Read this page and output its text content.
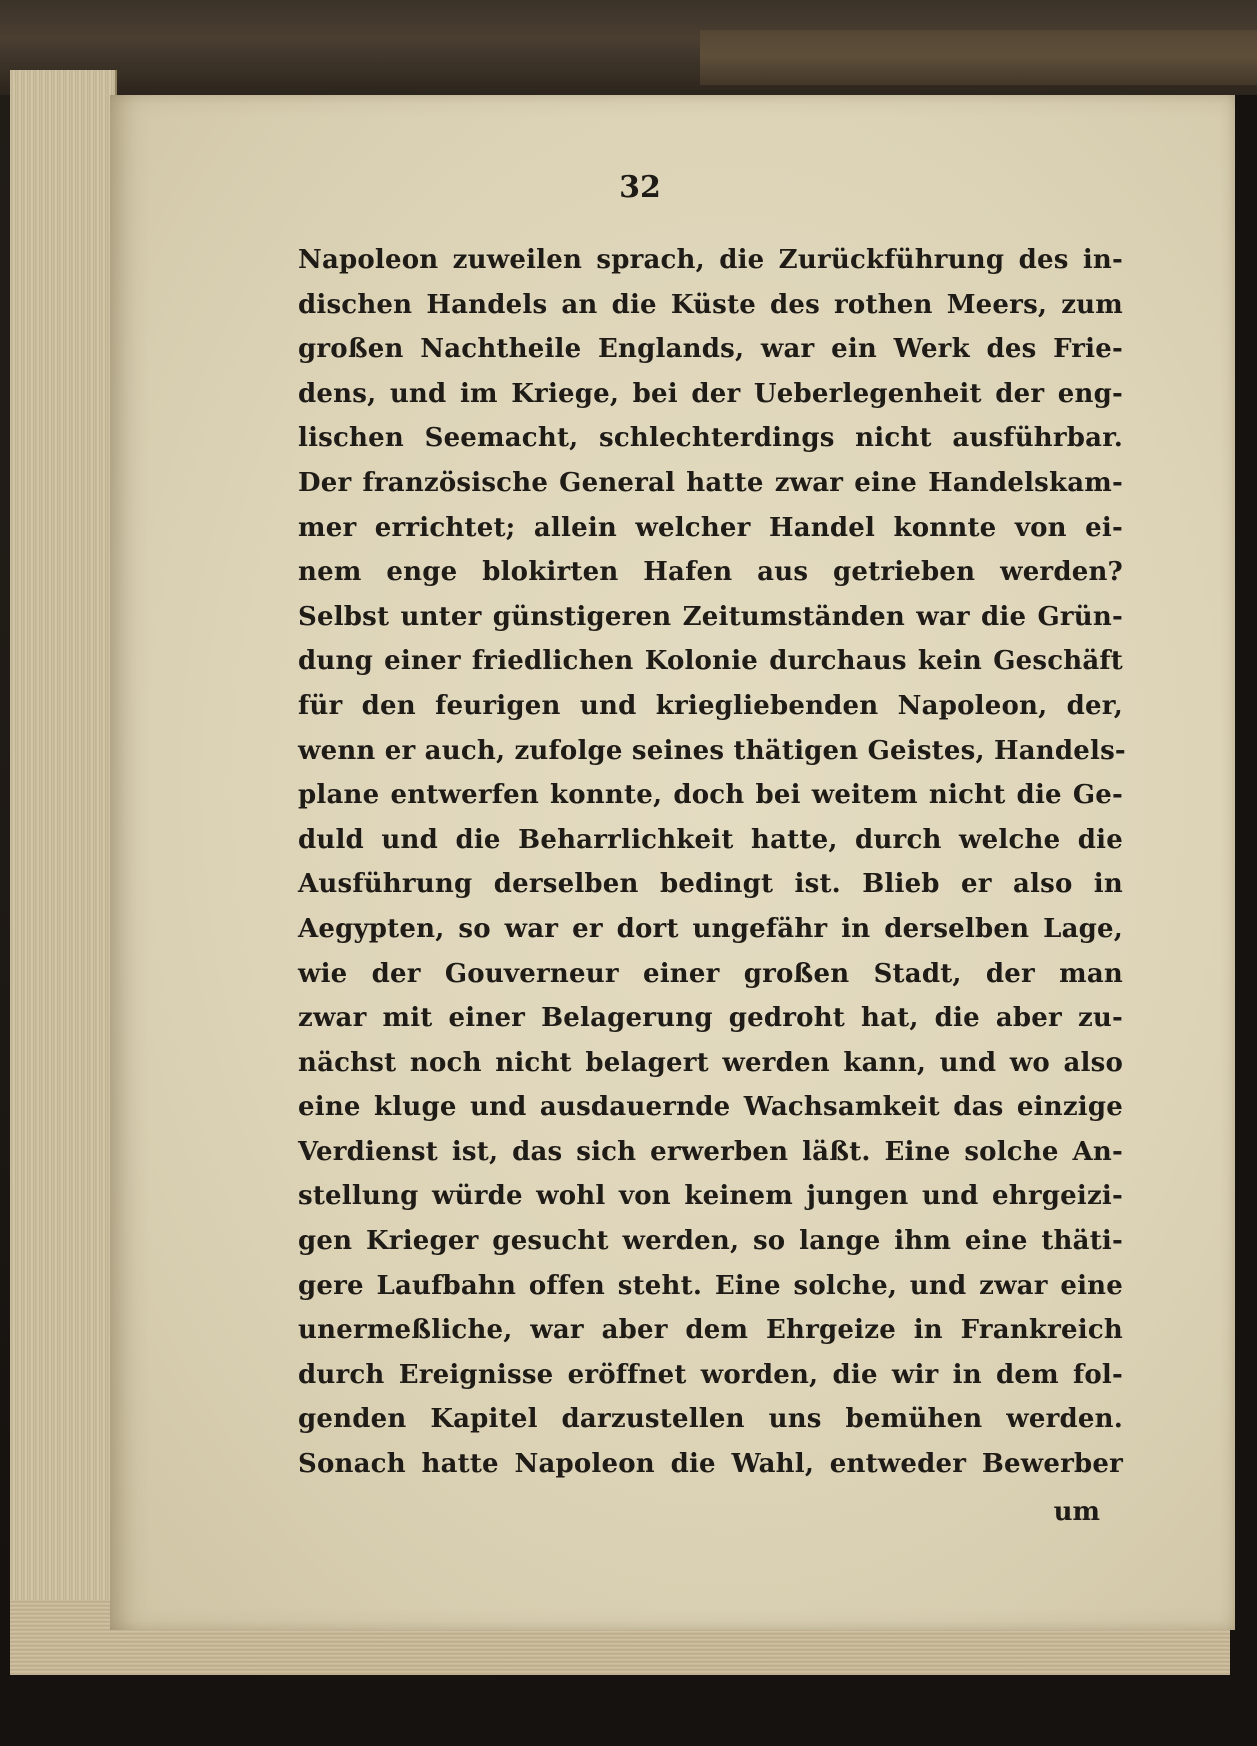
32
Napoleon zuweilen sprach, die Zurückführung des in-
dischen Handels an die Küste des rothen Meers, zum
großen Nachtheile Englands, war ein Werk des Frie-
dens, und im Kriege, bei der Ueberlegenheit der eng-
lischen Seemacht, schlechterdings nicht ausführbar.
Der französische General hatte zwar eine Handelskam-
mer errichtet; allein welcher Handel konnte von ei-
nem enge blokirten Hafen aus getrieben werden?
Selbst unter günstigeren Zeitumständen war die Grün-
dung einer friedlichen Kolonie durchaus kein Geschäft
für den feurigen und kriegliebenden Napoleon, der,
wenn er auch, zufolge seines thätigen Geistes, Handels-
plane entwerfen konnte, doch bei weitem nicht die Ge-
duld und die Beharrlichkeit hatte, durch welche die
Ausführung derselben bedingt ist. Blieb er also in
Aegypten, so war er dort ungefähr in derselben Lage,
wie der Gouverneur einer großen Stadt, der man
zwar mit einer Belagerung gedroht hat, die aber zu-
nächst noch nicht belagert werden kann, und wo also
eine kluge und ausdauernde Wachsamkeit das einzige
Verdienst ist, das sich erwerben läßt. Eine solche An-
stellung würde wohl von keinem jungen und ehrgeizi-
gen Krieger gesucht werden, so lange ihm eine thäti-
gere Laufbahn offen steht. Eine solche, und zwar eine
unermeßliche, war aber dem Ehrgeize in Frankreich
durch Ereignisse eröffnet worden, die wir in dem fol-
genden Kapitel darzustellen uns bemühen werden.
Sonach hatte Napoleon die Wahl, entweder Bewerber
um
